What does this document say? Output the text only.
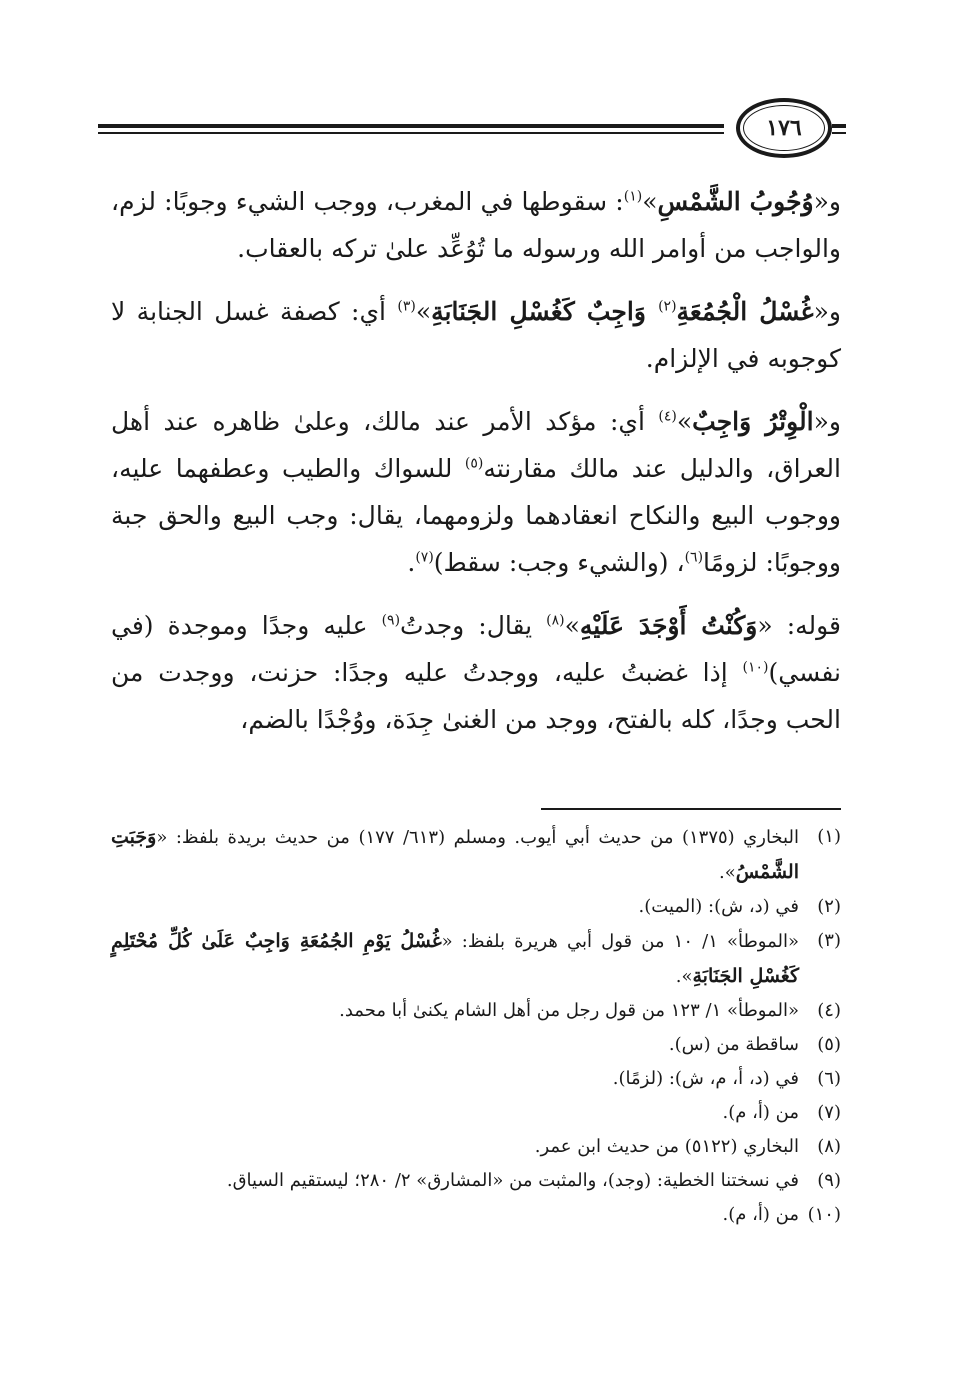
١٧٦

و«وُجُوبُ الشَّمْسِ»$^{(١)}$: سقوطها في المغرب، ووجب الشيء وجوبًا: لزم، والواجب من أوامر الله ورسوله ما تُوُعِّد علىٰ تركه بالعقاب.

و«غُسْلُ الْجُمُعَةِ$^{(٢)}$ وَاجِبٌ كَغُسْلِ الجَنَابَةِ»$^{(٣)}$ أي: كصفة غسل الجنابة لا كوجوبه في الإلزام.

و«الْوِتْرُ وَاجِبٌ»$^{(٤)}$ أي: مؤكد الأمر عند مالك، وعلىٰ ظاهره عند أهل العراق، والدليل عند مالك مقارنته$^{(٥)}$ للسواك والطيب وعطفهما عليه، ووجوب البيع والنكاح انعقادهما ولزومهما، يقال: وجب البيع والحق جبة ووجوبًا: لزومًا$^{(٦)}$، (والشيء وجب: سقط)$^{(٧)}$.

قوله: «وَكُنْتُ أَوْجَدَ عَلَيْهِ»$^{(٨)}$ يقال: وجدتُ$^{(٩)}$ عليه وجدًا وموجدة (في نفسي)$^{(١٠)}$ إذا غضبتُ عليه، ووجدتُ عليه وجدًا: حزنت، ووجدت من الحب وجدًا، كله بالفتح، ووجد من الغنىٰ جِدَة، ووُجْدًا بالضم،

(١)
البخاري (١٣٧٥) من حديث أبي أيوب. ومسلم (٦١٣/ ١٧٧) من حديث بريدة بلفظ: «وَجَبَتِ الشَّمْسُ».

(٢)
في (د، ش): (الميت).

(٣)
«الموطأ» ١/ ١٠ من قول أبي هريرة بلفظ: «غُسْلُ يَوْمِ الجُمُعَةِ وَاجِبٌ عَلَىٰ كُلِّ مُحْتَلِمٍ كَغُسْلِ الجَنَابَةِ».

(٤)
«الموطأ» ١/ ١٢٣ من قول رجل من أهل الشام يكنىٰ أبا محمد.

(٥)
ساقطة من (س).

(٦)
في (د، أ، م، ش): (لزمًا).

(٧)
من (أ، م).

(٨)
البخاري (٥١٢٢) من حديث ابن عمر.

(٩)
في نسختنا الخطية: (وجد)، والمثبت من «المشارق» ٢/ ٢٨٠؛ ليستقيم السياق.

(١٠)
من (أ، م).
